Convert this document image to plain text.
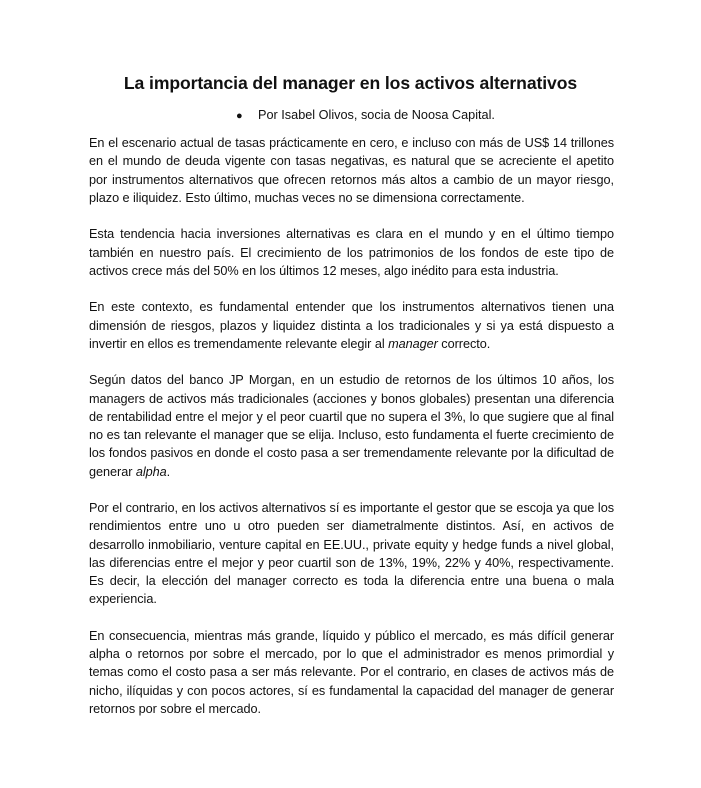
La importancia del manager en los activos alternativos
● Por Isabel Olivos, socia de Noosa Capital.

En el escenario actual de tasas prácticamente en cero, e incluso con más de US$ 14 trillones en el mundo de deuda vigente con tasas negativas, es natural que se acreciente el apetito por instrumentos alternativos que ofrecen retornos más altos a cambio de un mayor riesgo, plazo e iliquidez. Esto último, muchas veces no se dimensiona correctamente.

Esta tendencia hacia inversiones alternativas es clara en el mundo y en el último tiempo también en nuestro país. El crecimiento de los patrimonios de los fondos de este tipo de activos crece más del 50% en los últimos 12 meses, algo inédito para esta industria.

En este contexto, es fundamental entender que los instrumentos alternativos tienen una dimensión de riesgos, plazos y liquidez distinta a los tradicionales y si ya está dispuesto a invertir en ellos es tremendamente relevante elegir al manager correcto.

Según datos del banco JP Morgan, en un estudio de retornos de los últimos 10 años, los managers de activos más tradicionales (acciones y bonos globales) presentan una diferencia de rentabilidad entre el mejor y el peor cuartil que no supera el 3%, lo que sugiere que al final no es tan relevante el manager que se elija. Incluso, esto fundamenta el fuerte crecimiento de los fondos pasivos en donde el costo pasa a ser tremendamente relevante por la dificultad de generar alpha.

Por el contrario, en los activos alternativos sí es importante el gestor que se escoja ya que los rendimientos entre uno u otro pueden ser diametralmente distintos. Así, en activos de desarrollo inmobiliario, venture capital en EE.UU., private equity y hedge funds a nivel global, las diferencias entre el mejor y peor cuartil son de 13%, 19%, 22% y 40%, respectivamente. Es decir, la elección del manager correcto es toda la diferencia entre una buena o mala experiencia.

En consecuencia, mientras más grande, líquido y público el mercado, es más difícil generar alpha o retornos por sobre el mercado, por lo que el administrador es menos primordial y temas como el costo pasa a ser más relevante. Por el contrario, en clases de activos más de nicho, ilíquidas y con pocos actores, sí es fundamental la capacidad del manager de generar retornos por sobre el mercado.
